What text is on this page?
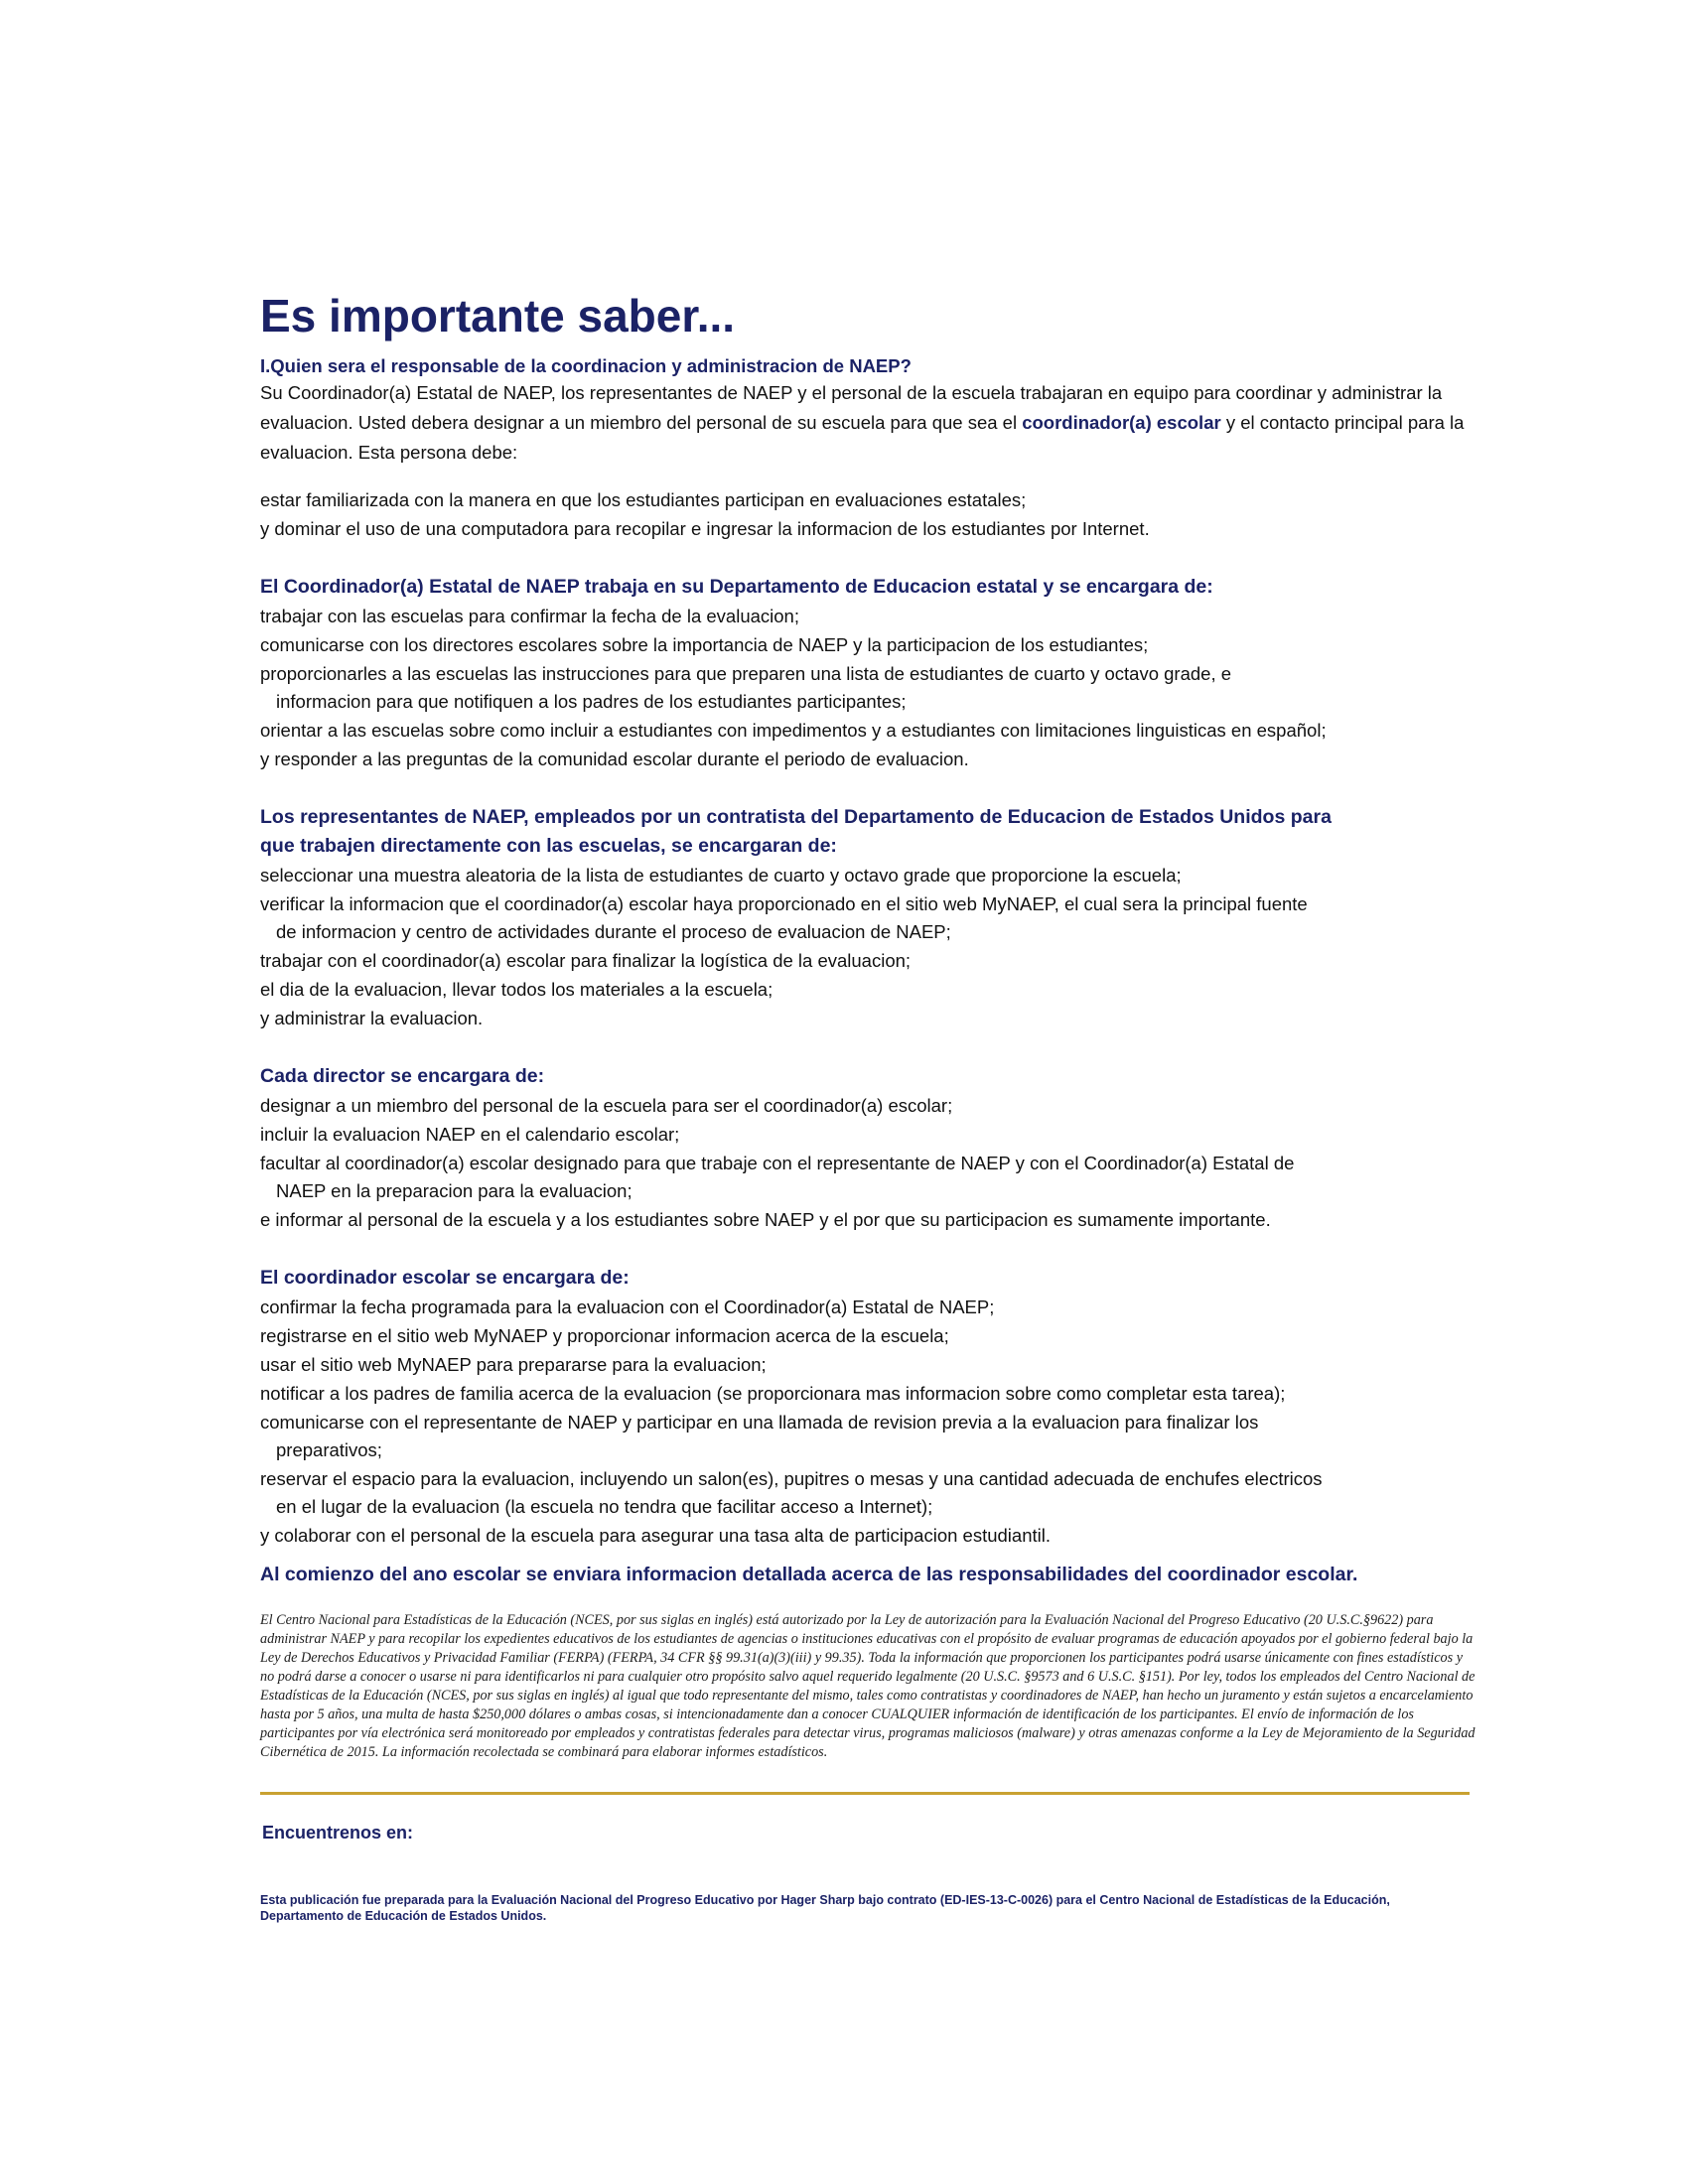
Es importante saber...

I.Quien sera el responsable de la coordinacion y administracion de NAEP?

Su Coordinador(a) Estatal de NAEP, los representantes de NAEP y el personal de la escuela trabajaran en equipo para coordinar y administrar la evaluacion. Usted debera designar a un miembro del personal de su escuela para que sea el coordinador(a) escolar y el contacto principal para la evaluacion. Esta persona debe:

estar familiarizada con la manera en que los estudiantes participan en evaluaciones estatales;

y dominar el uso de una computadora para recopilar e ingresar la informacion de los estudiantes por Internet.

El Coordinador(a) Estatal de NAEP trabaja en su Departamento de Educacion estatal y se encargara de:

trabajar con las escuelas para confirmar la fecha de la evaluacion;

comunicarse con los directores escolares sobre la importancia de NAEP y la participacion de los estudiantes;

proporcionarles a las escuelas las instrucciones para que preparen una lista de estudiantes de cuarto y octavo grade, e
informacion para que notifiquen a los padres de los estudiantes participantes;

orientar a las escuelas sobre como incluir a estudiantes con impedimentos y a estudiantes con limitaciones linguisticas en español;

y responder a las preguntas de la comunidad escolar durante el periodo de evaluacion.

Los representantes de NAEP, empleados por un contratista del Departamento de Educacion de Estados Unidos para
que trabajen directamente con las escuelas, se encargaran de:

seleccionar una muestra aleatoria de la lista de estudiantes de cuarto y octavo grade que proporcione la escuela;

verificar la informacion que el coordinador(a) escolar haya proporcionado en el sitio web MyNAEP, el cual sera la principal fuente
de informacion y centro de actividades durante el proceso de evaluacion de NAEP;

trabajar con el coordinador(a) escolar para finalizar la logística de la evaluacion;

el dia de la evaluacion, llevar todos los materiales a la escuela;

y administrar la evaluacion.

Cada director se encargara de:

designar a un miembro del personal de la escuela para ser el coordinador(a) escolar;

incluir la evaluacion NAEP en el calendario escolar;

facultar al coordinador(a) escolar designado para que trabaje con el representante de NAEP y con el Coordinador(a) Estatal de
NAEP en la preparacion para la evaluacion;

e informar al personal de la escuela y a los estudiantes sobre NAEP y el por que su participacion es sumamente importante.

El coordinador escolar se encargara de:

confirmar la fecha programada para la evaluacion con el Coordinador(a) Estatal de NAEP;

registrarse en el sitio web MyNAEP y proporcionar informacion acerca de la escuela;

usar el sitio web MyNAEP para prepararse para la evaluacion;

notificar a los padres de familia acerca de la evaluacion (se proporcionara mas informacion sobre como completar esta tarea);

comunicarse con el representante de NAEP y participar en una llamada de revision previa a la evaluacion para finalizar los
preparativos;

reservar el espacio para la evaluacion, incluyendo un salon(es), pupitres o mesas y una cantidad adecuada de enchufes electricos
en el lugar de la evaluacion (la escuela no tendra que facilitar acceso a Internet);

y colaborar con el personal de la escuela para asegurar una tasa alta de participacion estudiantil.

Al comienzo del ano escolar se enviara informacion detallada acerca de las responsabilidades del coordinador escolar.

El Centro Nacional para Estadísticas de la Educación (NCES, por sus siglas en inglés) está autorizado por la Ley de autorización para la Evaluación Nacional del Progreso Educativo (20 U.S.C.§9622) para administrar NAEP y para recopilar los expedientes educativos de los estudiantes de agencias o instituciones educativas con el propósito de evaluar programas de educación apoyados por el gobierno federal bajo la Ley de Derechos Educativos y Privacidad Familiar (FERPA) (FERPA, 34 CFR §§ 99.31(a)(3)(iii) y 99.35). Toda la información que proporcionen los participantes podrá usarse únicamente con fines estadísticos y no podrá darse a conocer o usarse ni para identificarlos ni para cualquier otro propósito salvo aquel requerido legalmente (20 U.S.C. §9573 and 6 U.S.C. §151). Por ley, todos los empleados del Centro Nacional de Estadísticas de la Educación (NCES, por sus siglas en inglés) al igual que todo representante del mismo, tales como contratistas y coordinadores de NAEP, han hecho un juramento y están sujetos a encarcelamiento hasta por 5 años, una multa de hasta $250,000 dólares o ambas cosas, si intencionadamente dan a conocer CUALQUIER información de identificación de los participantes. El envío de información de los participantes por vía electrónica será monitoreado por empleados y contratistas federales para detectar virus, programas maliciosos (malware) y otras amenazas conforme a la Ley de Mejoramiento de la Seguridad Cibernética de 2015. La información recolectada se combinará para elaborar informes estadísticos.

Encuentrenos en:

Esta publicación fue preparada para la Evaluación Nacional del Progreso Educativo por Hager Sharp bajo contrato (ED-IES-13-C-0026) para el Centro Nacional de Estadísticas de la Educación, Departamento de Educación de Estados Unidos.
